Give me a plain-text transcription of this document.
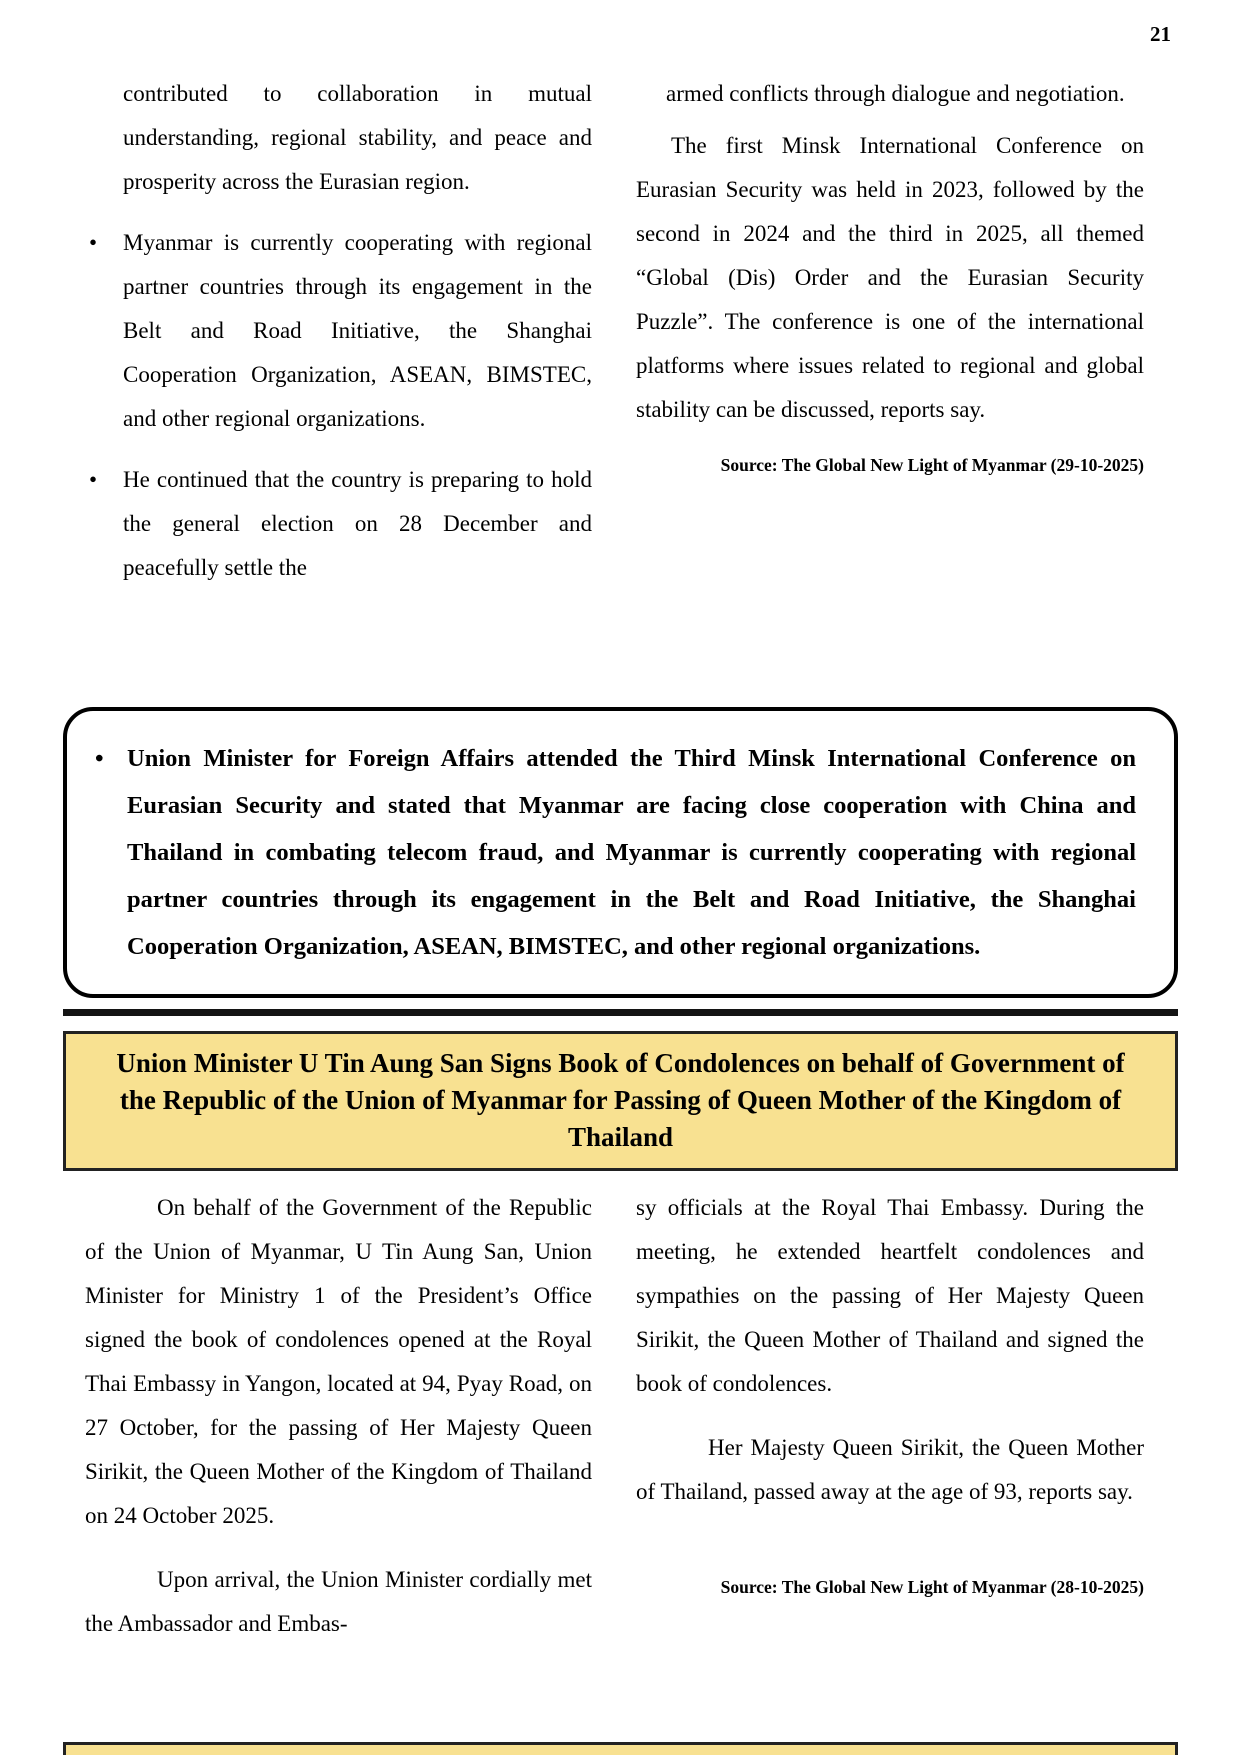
21
contributed to collaboration in mutual understanding, regional stability, and peace and prosperity across the Eurasian region.
• Myanmar is currently cooperating with regional partner countries through its engagement in the Belt and Road Initiative, the Shanghai Cooperation Organization, ASEAN, BIMSTEC, and other regional organizations.
• He continued that the country is preparing to hold the general election on 28 December and peacefully settle the
armed conflicts through dialogue and negotiation.
The first Minsk International Conference on Eurasian Security was held in 2023, followed by the second in 2024 and the third in 2025, all themed “Global (Dis) Order and the Eurasian Security Puzzle”. The conference is one of the international platforms where issues related to regional and global stability can be discussed, reports say.
Source: The Global New Light of Myanmar (29-10-2025)
• Union Minister for Foreign Affairs attended the Third Minsk International Conference on Eurasian Security and stated that Myanmar are facing close cooperation with China and Thailand in combating telecom fraud, and Myanmar is currently cooperating with regional partner countries through its engagement in the Belt and Road Initiative, the Shanghai Cooperation Organization, ASEAN, BIMSTEC, and other regional organizations.
Union Minister U Tin Aung San Signs Book of Condolences on behalf of Government of the Republic of the Union of Myanmar for Passing of Queen Mother of the Kingdom of Thailand
On behalf of the Government of the Republic of the Union of Myanmar, U Tin Aung San, Union Minister for Ministry 1 of the President’s Office signed the book of condolences opened at the Royal Thai Embassy in Yangon, located at 94, Pyay Road, on 27 October, for the passing of Her Majesty Queen Sirikit, the Queen Mother of the Kingdom of Thailand on 24 October 2025.
Upon arrival, the Union Minister cordially met the Ambassador and Embas-
sy officials at the Royal Thai Embassy. During the meeting, he extended heartfelt condolences and sympathies on the passing of Her Majesty Queen Sirikit, the Queen Mother of Thailand and signed the book of condolences.
Her Majesty Queen Sirikit, the Queen Mother of Thailand, passed away at the age of 93, reports say.
Source: The Global New Light of Myanmar (28-10-2025)
